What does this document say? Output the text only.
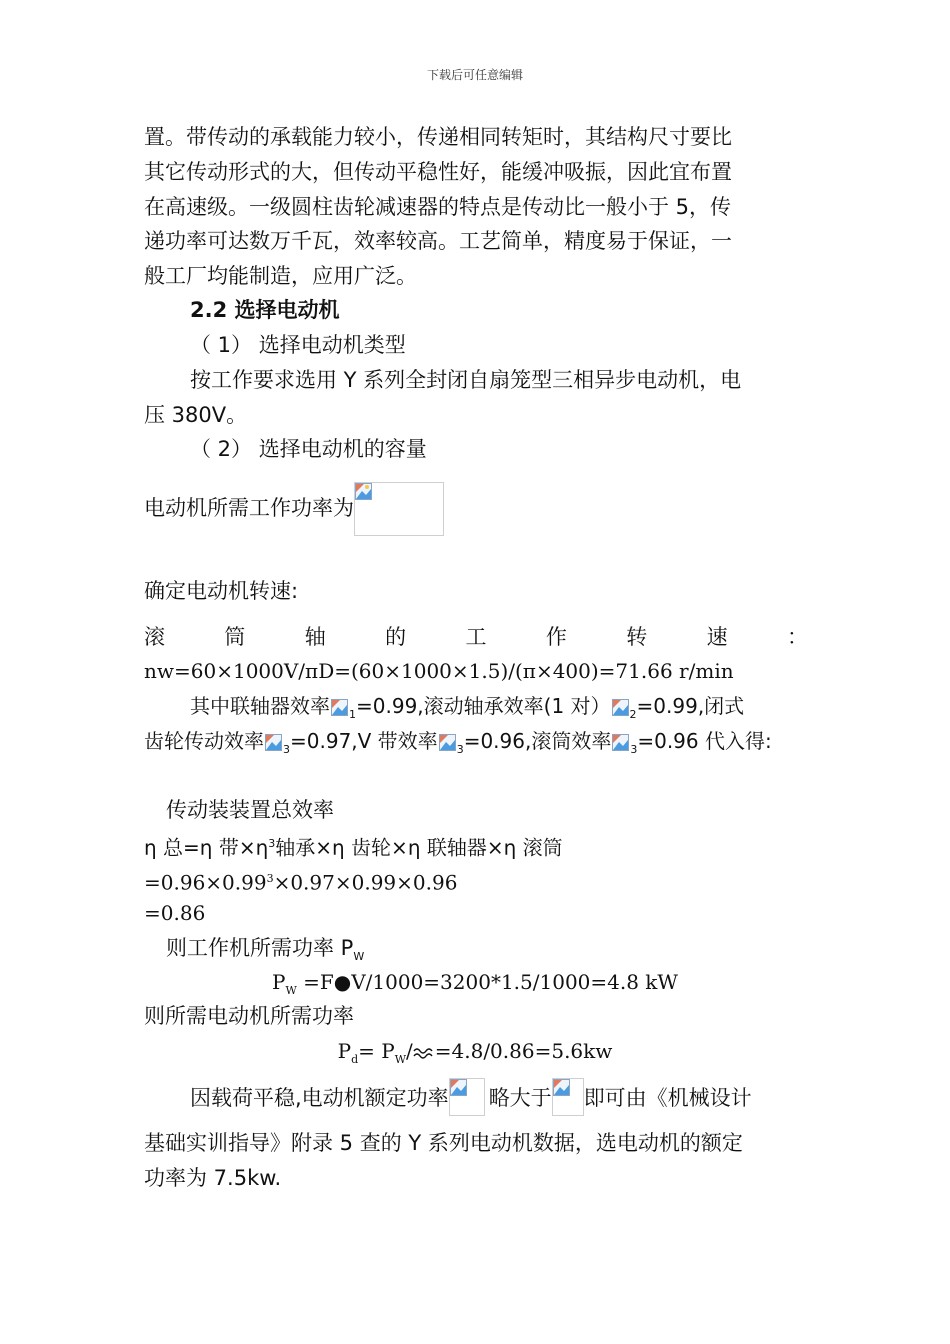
下载后可任意编辑
置。带传动的承载能力较小，传递相同转矩时，其结构尺寸要比
其它传动形式的大，但传动平稳性好，能缓冲吸振，因此宜布置
在高速级。一级圆柱齿轮减速器的特点是传动比一般小于 5，传
递功率可达数万千瓦，效率较高。工艺简单，精度易于保证，一
般工厂均能制造，应用广泛。
2.2 选择电动机
（ 1） 选择电动机类型
按工作要求选用 Y 系列全封闭自扇笼型三相异步电动机，电
压 380V。
（ 2） 选择电动机的容量
电动机所需工作功率为
确定电动机转速:
滚	筒	轴	的	工	作	转	速	：
nw=60×1000V/πD=(60×1000×1.5)/(π×400)=71.66 r/min
其中联轴器效率 $_1$=0.99,滚动轴承效率(1 对） $_2$=0.99,闭式
齿轮传动效率 $_3$=0.97,V 带效率 $_3$=0.96,滚筒效率 $_3$=0.96 代入得:
传动装装置总效率
η 总=η 带$\times\eta^3$轴承×η 齿轮×η 联轴器×η 滚筒
$=0.96\times 0.99^3\times 0.97\times 0.99\times 0.96$
=0.86
则工作机所需功率 $P_W$
$P_W$ =F●V/1000=3200*1.5/1000=4.8 kW
则所需电动机所需功率
$P_d= P_W/ =4.8/0.86=5.6kw$
因载荷平稳,电动机额定功率 略大于 即可由《机械设计
基础实训指导》附录 5 查的 Y 系列电动机数据，选电动机的额定
功率为 7.5kw.
